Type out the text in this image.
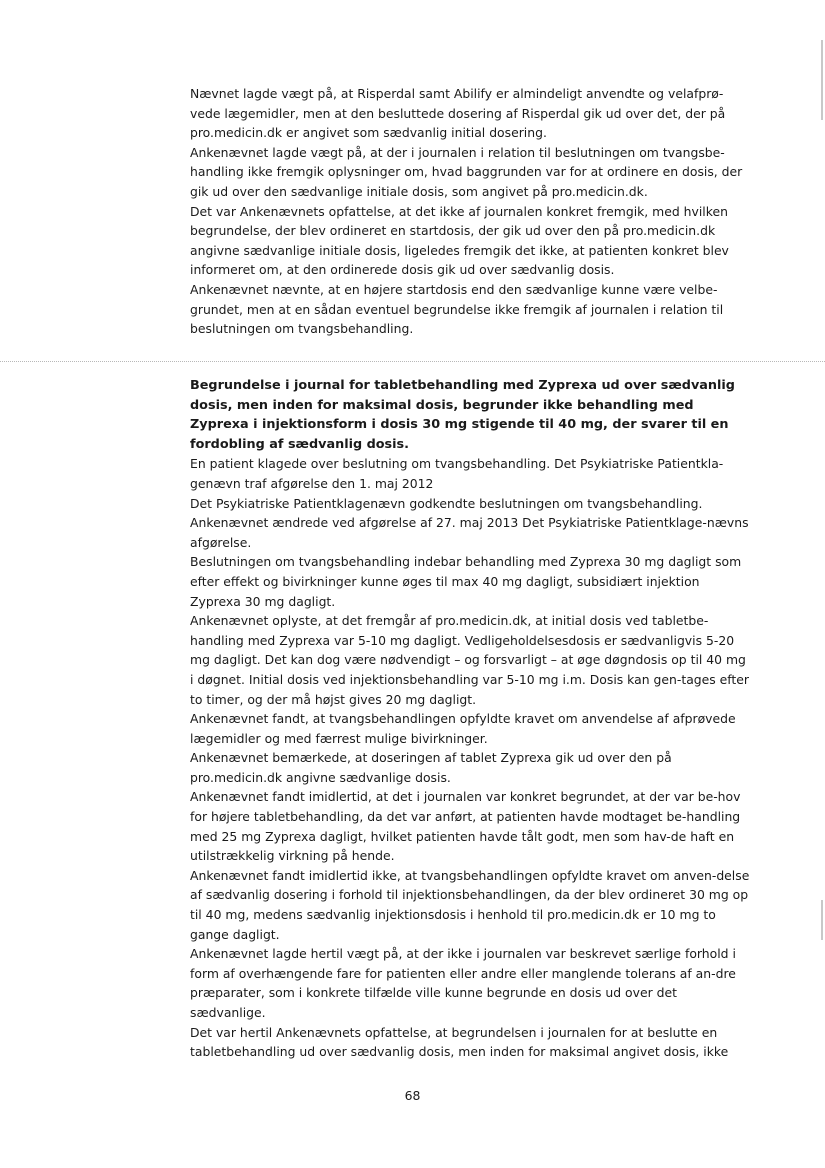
Nævnet lagde vægt på, at Risperdal samt Abilify er almindeligt anvendte og velafprø-vede lægemidler, men at den besluttede dosering af Risperdal gik ud over det, der på pro.medicin.dk er angivet som sædvanlig initial dosering.

Ankenævnet lagde vægt på, at der i journalen i relation til beslutningen om tvangsbe-handling ikke fremgik oplysninger om, hvad baggrunden var for at ordinere en dosis, der gik ud over den sædvanlige initiale dosis, som angivet på pro.medicin.dk.

Det var Ankenævnets opfattelse, at det ikke af journalen konkret fremgik, med hvilken begrundelse, der blev ordineret en startdosis, der gik ud over den på pro.medicin.dk angivne sædvanlige initiale dosis, ligeledes fremgik det ikke, at patienten konkret blev informeret om, at den ordinerede dosis gik ud over sædvanlig dosis.

Ankenævnet nævnte, at en højere startdosis end den sædvanlige kunne være velbe-grundet, men at en sådan eventuel begrundelse ikke fremgik af journalen i relation til beslutningen om tvangsbehandling.

Begrundelse i journal for tabletbehandling med Zyprexa ud over sædvanlig dosis, men inden for maksimal dosis, begrunder ikke behandling med Zyprexa i injektionsform i dosis 30 mg stigende til 40 mg, der svarer til en fordobling af sædvanlig dosis.

En patient klagede over beslutning om tvangsbehandling. Det Psykiatriske Patientkla-genævn traf afgørelse den 1. maj 2012

Det Psykiatriske Patientklagenævn godkendte beslutningen om tvangsbehandling.

Ankenævnet ændrede ved afgørelse af 27. maj 2013 Det Psykiatriske Patientklage-nævns afgørelse.

Beslutningen om tvangsbehandling indebar behandling med Zyprexa 30 mg dagligt som efter effekt og bivirkninger kunne øges til max 40 mg dagligt, subsidiært injektion Zyprexa 30 mg dagligt.

Ankenævnet oplyste, at det fremgår af pro.medicin.dk, at initial dosis ved tabletbe-handling med Zyprexa var 5-10 mg dagligt. Vedligeholdelsesdosis er sædvanligvis 5-20 mg dagligt. Det kan dog være nødvendigt – og forsvarligt – at øge døgndosis op til 40 mg i døgnet. Initial dosis ved injektionsbehandling var 5-10 mg i.m. Dosis kan gen-tages efter to timer, og der må højst gives 20 mg dagligt.

Ankenævnet fandt, at tvangsbehandlingen opfyldte kravet om anvendelse af afprøvede lægemidler og med færrest mulige bivirkninger.

Ankenævnet bemærkede, at doseringen af tablet Zyprexa gik ud over den på pro.medicin.dk angivne sædvanlige dosis.

Ankenævnet fandt imidlertid, at det i journalen var konkret begrundet, at der var be-hov for højere tabletbehandling, da det var anført, at patienten havde modtaget be-handling med 25 mg Zyprexa dagligt, hvilket patienten havde tålt godt, men som hav-de haft en utilstrækkelig virkning på hende.

Ankenævnet fandt imidlertid ikke, at tvangsbehandlingen opfyldte kravet om anven-delse af sædvanlig dosering i forhold til injektionsbehandlingen, da der blev ordineret 30 mg op til 40 mg, medens sædvanlig injektionsdosis i henhold til pro.medicin.dk er 10 mg to gange dagligt.

Ankenævnet lagde hertil vægt på, at der ikke i journalen var beskrevet særlige forhold i form af overhængende fare for patienten eller andre eller manglende tolerans af an-dre præparater, som i konkrete tilfælde ville kunne begrunde en dosis ud over det sædvanlige.

Det var hertil Ankenævnets opfattelse, at begrundelsen i journalen for at beslutte en tabletbehandling ud over sædvanlig dosis, men inden for maksimal angivet dosis, ikke

68
